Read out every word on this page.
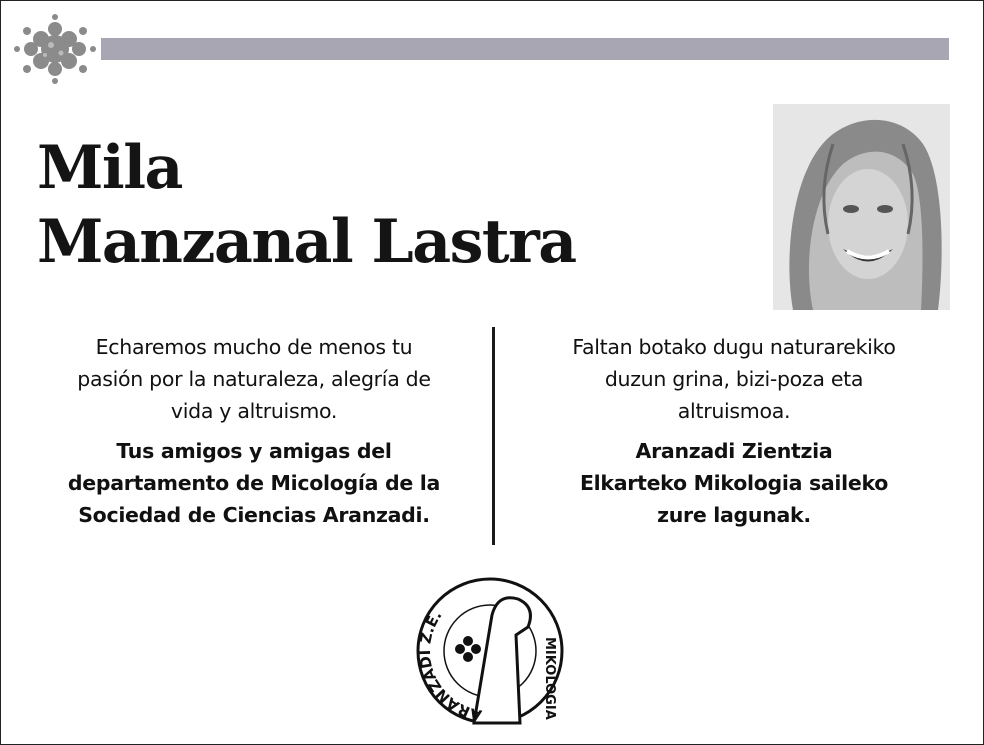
Mila
Manzanal Lastra

Echaremos mucho de menos tu
pasión por la naturaleza, alegría de
vida y altruismo.

Tus amigos y amigas del
departamento de Micología de la
Sociedad de Ciencias Aranzadi.

Faltan botako dugu naturarekiko
duzun grina, bizi-poza eta
altruismoa.

Aranzadi Zientzia
Elkarteko Mikologia saileko
zure lagunak.

ARANZADI Z.E.
MIKOLOGIA
